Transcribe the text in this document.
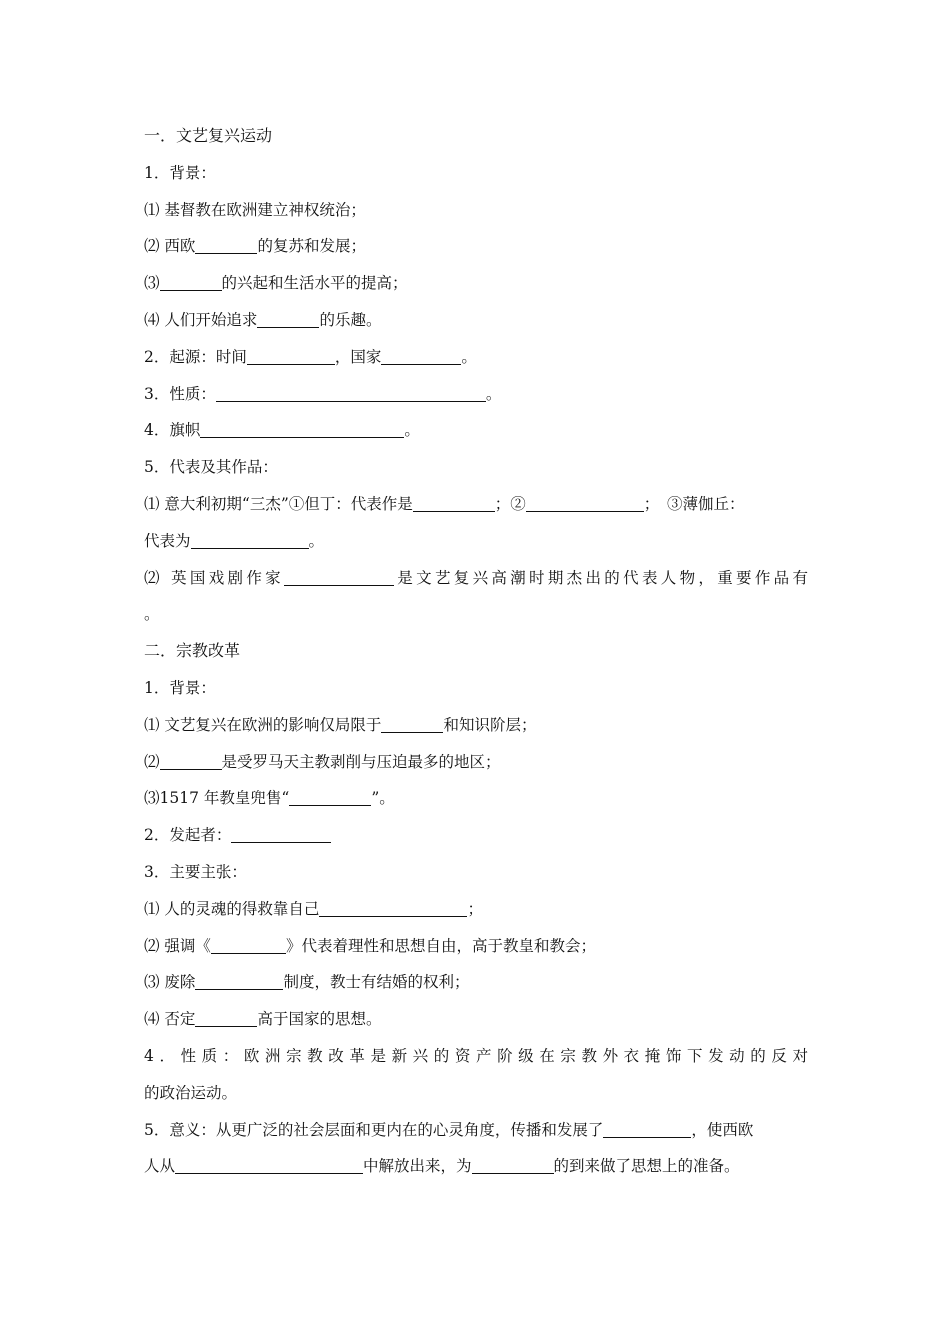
一．文艺复兴运动
1．背景：
⑴ 基督教在欧洲建立神权统治；
⑵ 西欧	的复苏和发展；
⑶	的兴起和生活水平的提高；
⑷ 人们开始追求	的乐趣。
2．起源：时间	，国家	。
3．性质：	。
4．旗帜	。
5．代表及其作品：
⑴ 意大利初期“三杰”①但丁：代表作是	；②	；　③薄伽丘：
代表为	。
⑵ 英国戏剧作家	是文艺复兴高潮时期杰出的代表人物，重要作品有
。
二．宗教改革
1．背景：
⑴ 文艺复兴在欧洲的影响仅局限于	和知识阶层；
⑵	是受罗马天主教剥削与压迫最多的地区；
⑶1517 年教皇兜售“	”。
2．发起者：
3．主要主张：
⑴ 人的灵魂的得救靠自己	；
⑵ 强调《	》代表着理性和思想自由，高于教皇和教会；
⑶ 废除	制度，教士有结婚的权利；
⑷ 否定	高于国家的思想。
4．性质：欧洲宗教改革是新兴的资产阶级在宗教外衣掩饰下发动的反对
的政治运动。
5．意义：从更广泛的社会层面和更内在的心灵角度，传播和发展了	，使西欧
人从	中解放出来，为	的到来做了思想上的准备。
